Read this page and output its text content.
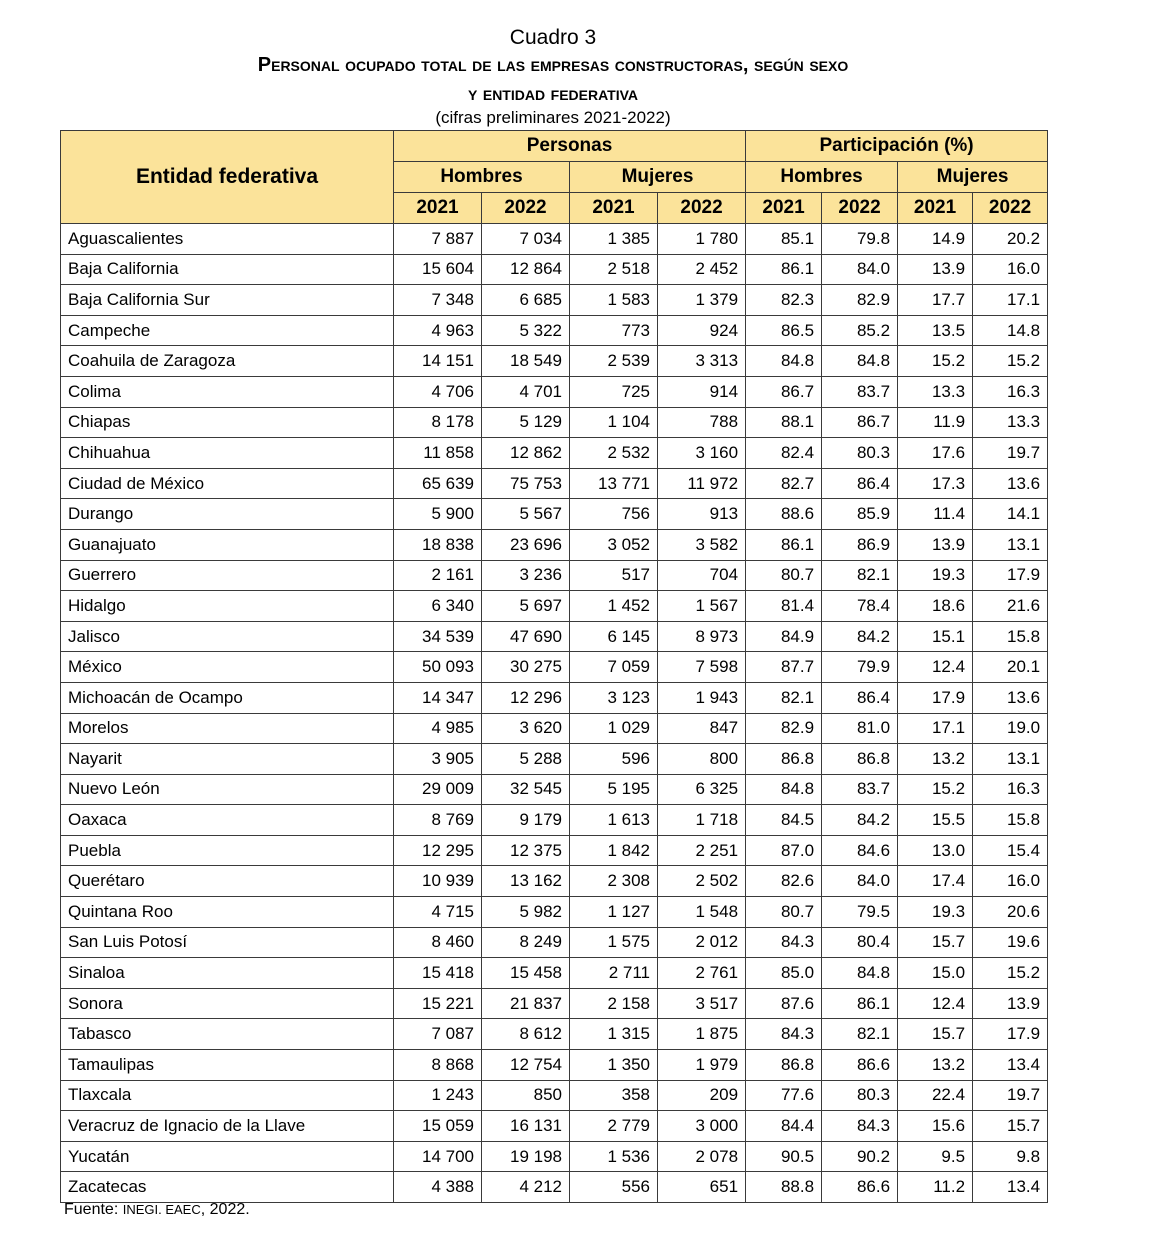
Cuadro 3
Personal ocupado total de las empresas constructoras, según sexo
y entidad federativa
(cifras preliminares 2021-2022)
Entidad federativa	Personas				Participación (%)			
	Hombres		Mujeres		Hombres		Mujeres	
	2021	2022	2021	2022	2021	2022	2021	2022
Aguascalientes	7 887	7 034	1 385	1 780	85.1	79.8	14.9	20.2
Baja California	15 604	12 864	2 518	2 452	86.1	84.0	13.9	16.0
Baja California Sur	7 348	6 685	1 583	1 379	82.3	82.9	17.7	17.1
Campeche	4 963	5 322	773	924	86.5	85.2	13.5	14.8
Coahuila de Zaragoza	14 151	18 549	2 539	3 313	84.8	84.8	15.2	15.2
Colima	4 706	4 701	725	914	86.7	83.7	13.3	16.3
Chiapas	8 178	5 129	1 104	788	88.1	86.7	11.9	13.3
Chihuahua	11 858	12 862	2 532	3 160	82.4	80.3	17.6	19.7
Ciudad de México	65 639	75 753	13 771	11 972	82.7	86.4	17.3	13.6
Durango	5 900	5 567	756	913	88.6	85.9	11.4	14.1
Guanajuato	18 838	23 696	3 052	3 582	86.1	86.9	13.9	13.1
Guerrero	2 161	3 236	517	704	80.7	82.1	19.3	17.9
Hidalgo	6 340	5 697	1 452	1 567	81.4	78.4	18.6	21.6
Jalisco	34 539	47 690	6 145	8 973	84.9	84.2	15.1	15.8
México	50 093	30 275	7 059	7 598	87.7	79.9	12.4	20.1
Michoacán de Ocampo	14 347	12 296	3 123	1 943	82.1	86.4	17.9	13.6
Morelos	4 985	3 620	1 029	847	82.9	81.0	17.1	19.0
Nayarit	3 905	5 288	596	800	86.8	86.8	13.2	13.1
Nuevo León	29 009	32 545	5 195	6 325	84.8	83.7	15.2	16.3
Oaxaca	8 769	9 179	1 613	1 718	84.5	84.2	15.5	15.8
Puebla	12 295	12 375	1 842	2 251	87.0	84.6	13.0	15.4
Querétaro	10 939	13 162	2 308	2 502	82.6	84.0	17.4	16.0
Quintana Roo	4 715	5 982	1 127	1 548	80.7	79.5	19.3	20.6
San Luis Potosí	8 460	8 249	1 575	2 012	84.3	80.4	15.7	19.6
Sinaloa	15 418	15 458	2 711	2 761	85.0	84.8	15.0	15.2
Sonora	15 221	21 837	2 158	3 517	87.6	86.1	12.4	13.9
Tabasco	7 087	8 612	1 315	1 875	84.3	82.1	15.7	17.9
Tamaulipas	8 868	12 754	1 350	1 979	86.8	86.6	13.2	13.4
Tlaxcala	1 243	850	358	209	77.6	80.3	22.4	19.7
Veracruz de Ignacio de la Llave	15 059	16 131	2 779	3 000	84.4	84.3	15.6	15.7
Yucatán	14 700	19 198	1 536	2 078	90.5	90.2	9.5	9.8
Zacatecas	4 388	4 212	556	651	88.8	86.6	11.2	13.4
Fuente: INEGI. EAEC, 2022.
